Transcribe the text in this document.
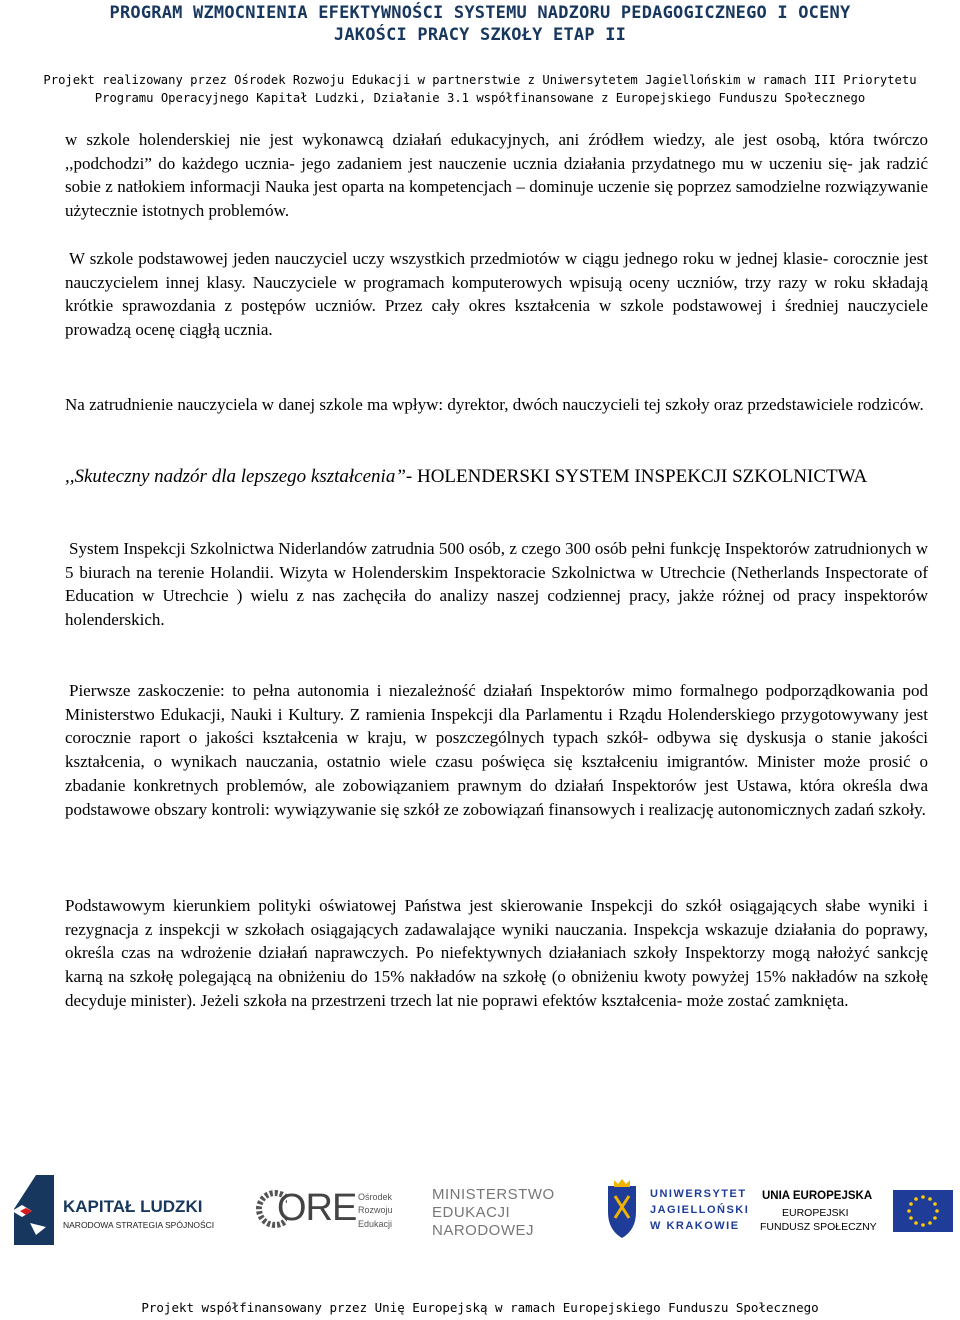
PROGRAM WZMOCNIENIA EFEKTYWNOŚCI SYSTEMU NADZORU PEDAGOGICZNEGO I OCENY
JAKOŚCI PRACY SZKOŁY ETAP II
Projekt realizowany przez Ośrodek Rozwoju Edukacji w partnerstwie z Uniwersytetem Jagiellońskim w ramach III Priorytetu
Programu Operacyjnego Kapitał Ludzki, Działanie 3.1 współfinansowane z Europejskiego Funduszu Społecznego

w szkole holenderskiej nie jest wykonawcą działań edukacyjnych, ani źródłem wiedzy, ale jest osobą, która twórczo ,,podchodzi” do każdego ucznia- jego zadaniem jest nauczenie ucznia działania przydatnego mu w uczeniu się- jak radzić sobie z natłokiem informacji Nauka jest oparta na kompetencjach – dominuje uczenie się poprzez samodzielne rozwiązywanie użytecznie istotnych problemów.

W szkole podstawowej jeden nauczyciel uczy wszystkich przedmiotów w ciągu jednego roku w jednej klasie- corocznie jest nauczycielem innej klasy. Nauczyciele w programach komputerowych wpisują oceny uczniów, trzy razy w roku składają krótkie sprawozdania z postępów uczniów. Przez cały okres kształcenia w szkole podstawowej i średniej nauczyciele prowadzą ocenę ciągłą ucznia.

Na zatrudnienie nauczyciela w danej szkole ma wpływ: dyrektor, dwóch nauczycieli tej szkoły oraz przedstawiciele rodziców.

,,Skuteczny nadzór dla lepszego kształcenia”- HOLENDERSKI SYSTEM INSPEKCJI SZKOLNICTWA

System Inspekcji Szkolnictwa Niderlandów zatrudnia 500 osób, z czego 300 osób pełni funkcję Inspektorów zatrudnionych w 5 biurach na terenie Holandii. Wizyta w Holenderskim Inspektoracie Szkolnictwa w Utrechcie (Netherlands Inspectorate of Education w Utrechcie ) wielu z nas zachęciła do analizy naszej codziennej pracy, jakże różnej od pracy inspektorów holenderskich.

Pierwsze zaskoczenie: to pełna autonomia i niezależność działań Inspektorów mimo formalnego podporządkowania pod Ministerstwo Edukacji, Nauki i Kultury. Z ramienia Inspekcji dla Parlamentu i Rządu Holenderskiego przygotowywany jest corocznie raport o jakości kształcenia w kraju, w poszczególnych typach szkół- odbywa się dyskusja o stanie jakości kształcenia, o wynikach nauczania, ostatnio wiele czasu poświęca się kształceniu imigrantów. Minister może prosić o zbadanie konkretnych problemów, ale zobowiązaniem prawnym do działań Inspektorów jest Ustawa, która określa dwa podstawowe obszary kontroli: wywiązywanie się szkół ze zobowiązań finansowych i realizację autonomicznych zadań szkoły.

Podstawowym kierunkiem polityki oświatowej Państwa jest skierowanie Inspekcji do szkół osiągających słabe wyniki i rezygnacja z inspekcji w szkołach osiągających zadawalające wyniki nauczania. Inspekcja wskazuje działania do poprawy, określa czas na wdrożenie działań naprawczych. Po niefektywnych działaniach szkoły Inspektorzy mogą nałożyć sankcję karną na szkołę polegającą na obniżeniu do 15% nakładów na szkołę (o obniżeniu kwoty powyżej 15% nakładów na szkołę decyduje minister). Jeżeli szkoła na przestrzeni trzech lat nie poprawi efektów kształcenia- może zostać zamknięta.

KAPITAŁ LUDZKI
NARODOWA STRATEGIA SPÓJNOŚCI ORE Ośrodek
Rozwoju
Edukacji
MINISTERSTWO
EDUKACJI
NARODOWEJ
UNIWERSYTET
JAGIELLOŃSKI
W KRAKOWIE
UNIA EUROPEJSKA
EUROPEJSKI
FUNDUSZ SPOŁECZNY
Projekt współfinansowany przez Unię Europejską w ramach Europejskiego Funduszu Społecznego
